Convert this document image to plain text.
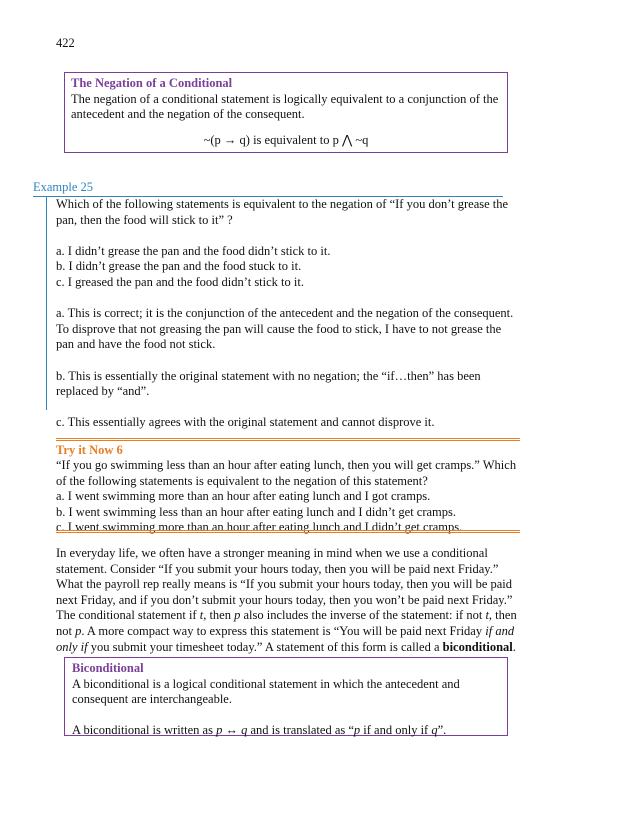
422

The Negation of a Conditional

The negation of a conditional statement is logically equivalent to a conjunction of the antecedent and the negation of the consequent.

~(p → q) is equivalent to p ⋀ ~q

Example 25

Which of the following statements is equivalent to the negation of “If you don’t grease the pan, then the food will stick to it” ?

a. I didn’t grease the pan and the food didn’t stick to it.

b. I didn’t grease the pan and the food stuck to it.

c. I greased the pan and the food didn’t stick to it.

a. This is correct; it is the conjunction of the antecedent and the negation of the consequent. To disprove that not greasing the pan will cause the food to stick, I have to not grease the pan and have the food not stick.

b. This is essentially the original statement with no negation; the “if…then” has been replaced by “and”.

c. This essentially agrees with the original statement and cannot disprove it.

Try it Now 6

“If you go swimming less than an hour after eating lunch, then you will get cramps.” Which of the following statements is equivalent to the negation of this statement?

a. I went swimming more than an hour after eating lunch and I got cramps.

b. I went swimming less than an hour after eating lunch and I didn’t get cramps.

c. I went swimming more than an hour after eating lunch and I didn’t get cramps.

In everyday life, we often have a stronger meaning in mind when we use a conditional statement. Consider “If you submit your hours today, then you will be paid next Friday.” What the payroll rep really means is “If you submit your hours today, then you will be paid next Friday, and if you don’t submit your hours today, then you won’t be paid next Friday.” The conditional statement if t, then p also includes the inverse of the statement: if not t, then not p. A more compact way to express this statement is “You will be paid next Friday if and only if you submit your timesheet today.” A statement of this form is called a biconditional.

Biconditional

A biconditional is a logical conditional statement in which the antecedent and consequent are interchangeable.

A biconditional is written as p ↔ q and is translated as “p if and only if q”.
